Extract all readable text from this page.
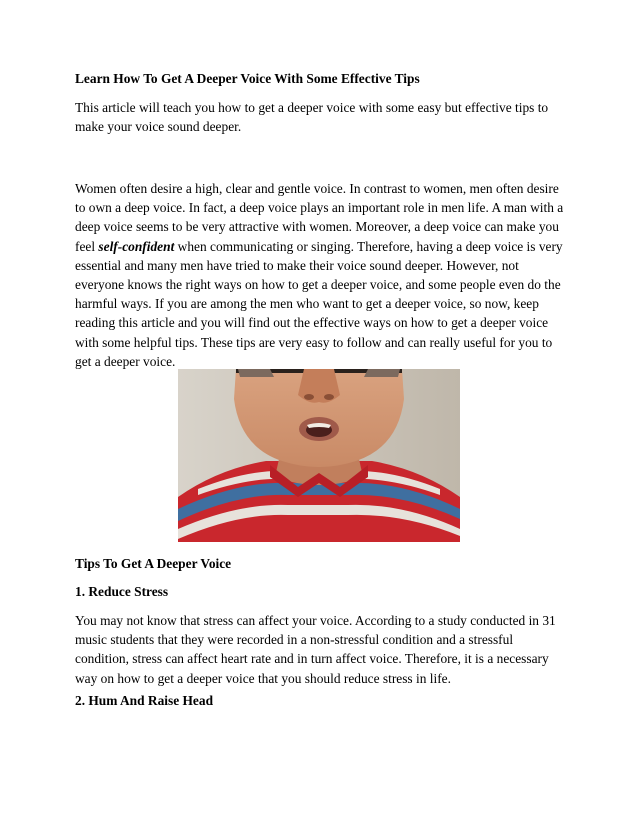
Learn How To Get A Deeper Voice With Some Effective Tips

This article will teach you how to get a deeper voice with some easy but effective tips to make your voice sound deeper.

Women often desire a high, clear and gentle voice. In contrast to women, men often desire to own a deep voice. In fact, a deep voice plays an important role in men life. A man with a deep voice seems to be very attractive with women. Moreover, a deep voice can make you feel self-confident when communicating or singing. Therefore, having a deep voice is very essential and many men have tried to make their voice sound deeper. However, not everyone knows the right ways on how to get a deeper voice, and some people even do the harmful ways. If you are among the men who want to get a deeper voice, so now, keep reading this article and you will find out the effective ways on how to get a deeper voice with some helpful tips. These tips are very easy to follow and can really useful for you to get a deeper voice.

Tips To Get A Deeper Voice

1. Reduce Stress

You may not know that stress can affect your voice. According to a study conducted in 31 music students that they were recorded in a non-stressful condition and a stressful condition, stress can affect heart rate and in turn affect voice. Therefore, it is a necessary way on how to get a deeper voice that you should reduce stress in life.

2. Hum And Raise Head
